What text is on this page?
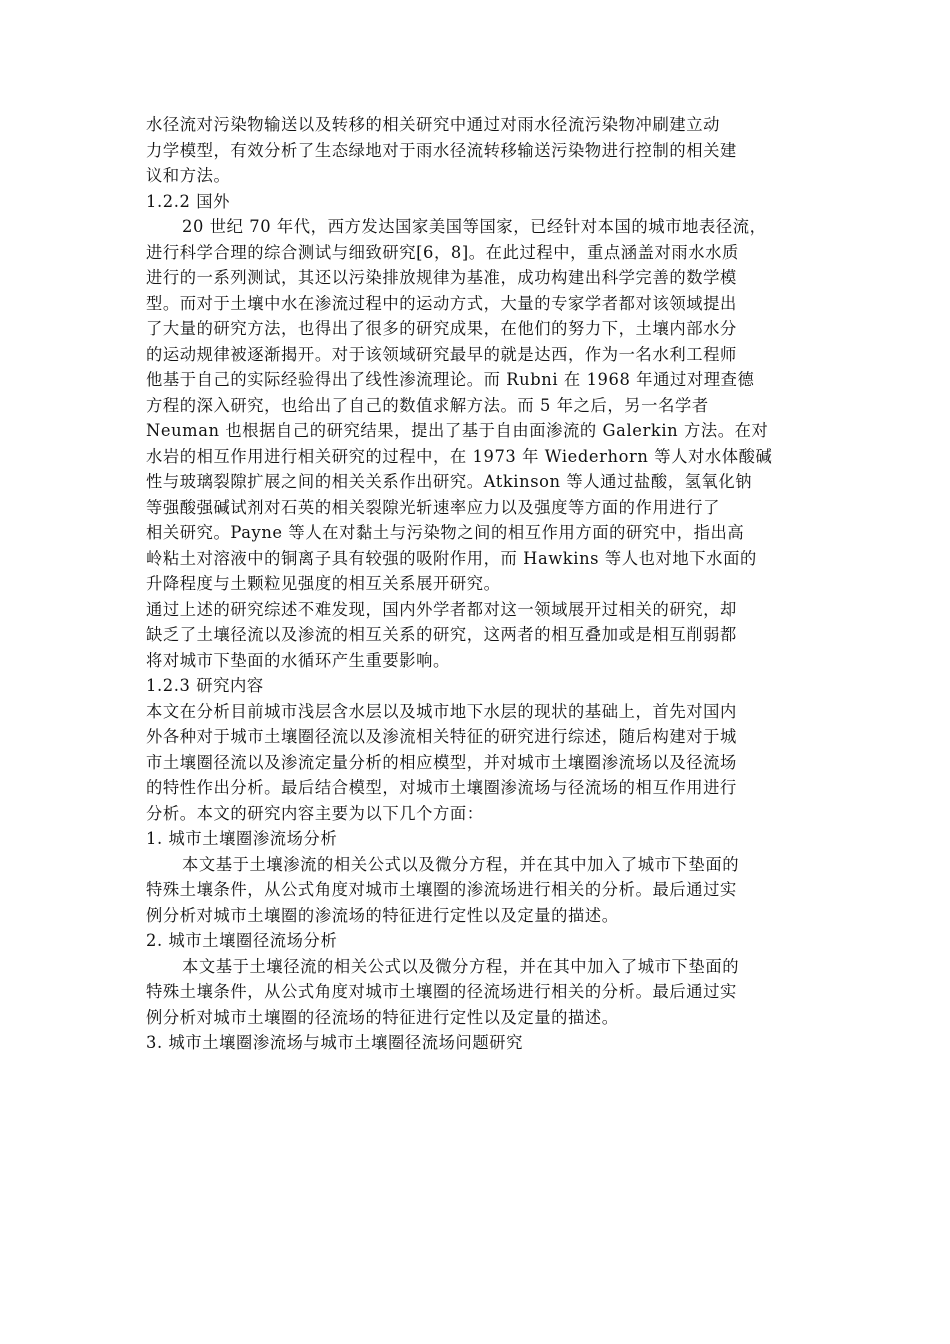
水径流对污染物输送以及转移的相关研究中通过对雨水径流污染物冲刷建立动
力学模型，有效分析了生态绿地对于雨水径流转移输送污染物进行控制的相关建
议和方法。
1.2.2 国外
20 世纪 70 年代，西方发达国家美国等国家，已经针对本国的城市地表径流，
进行科学合理的综合测试与细致研究[6，8]。在此过程中，重点涵盖对雨水水质
进行的一系列测试，其还以污染排放规律为基准，成功构建出科学完善的数学模
型。而对于土壤中水在渗流过程中的运动方式，大量的专家学者都对该领域提出
了大量的研究方法，也得出了很多的研究成果，在他们的努力下，土壤内部水分
的运动规律被逐渐揭开。对于该领域研究最早的就是达西，作为一名水利工程师
他基于自己的实际经验得出了线性渗流理论。而 Rubni 在 1968 年通过对理查德
方程的深入研究，也给出了自己的数值求解方法。而 5 年之后，另一名学者
Neuman 也根据自己的研究结果，提出了基于自由面渗流的 Galerkin 方法。在对
水岩的相互作用进行相关研究的过程中，在 1973 年 Wiederhorn 等人对水体酸碱
性与玻璃裂隙扩展之间的相关关系作出研究。Atkinson 等人通过盐酸，氢氧化钠
等强酸强碱试剂对石英的相关裂隙光斩速率应力以及强度等方面的作用进行了
相关研究。Payne 等人在对黏土与污染物之间的相互作用方面的研究中，指出高
岭粘土对溶液中的铜离子具有较强的吸附作用，而 Hawkins 等人也对地下水面的
升降程度与土颗粒见强度的相互关系展开研究。
通过上述的研究综述不难发现，国内外学者都对这一领域展开过相关的研究，却
缺乏了土壤径流以及渗流的相互关系的研究，这两者的相互叠加或是相互削弱都
将对城市下垫面的水循环产生重要影响。
1.2.3 研究内容
本文在分析目前城市浅层含水层以及城市地下水层的现状的基础上，首先对国内
外各种对于城市土壤圈径流以及渗流相关特征的研究进行综述，随后构建对于城
市土壤圈径流以及渗流定量分析的相应模型，并对城市土壤圈渗流场以及径流场
的特性作出分析。最后结合模型，对城市土壤圈渗流场与径流场的相互作用进行
分析。本文的研究内容主要为以下几个方面：
1. 城市土壤圈渗流场分析
本文基于土壤渗流的相关公式以及微分方程，并在其中加入了城市下垫面的
特殊土壤条件，从公式角度对城市土壤圈的渗流场进行相关的分析。最后通过实
例分析对城市土壤圈的渗流场的特征进行定性以及定量的描述。
2. 城市土壤圈径流场分析
本文基于土壤径流的相关公式以及微分方程，并在其中加入了城市下垫面的
特殊土壤条件，从公式角度对城市土壤圈的径流场进行相关的分析。最后通过实
例分析对城市土壤圈的径流场的特征进行定性以及定量的描述。
3. 城市土壤圈渗流场与城市土壤圈径流场问题研究
